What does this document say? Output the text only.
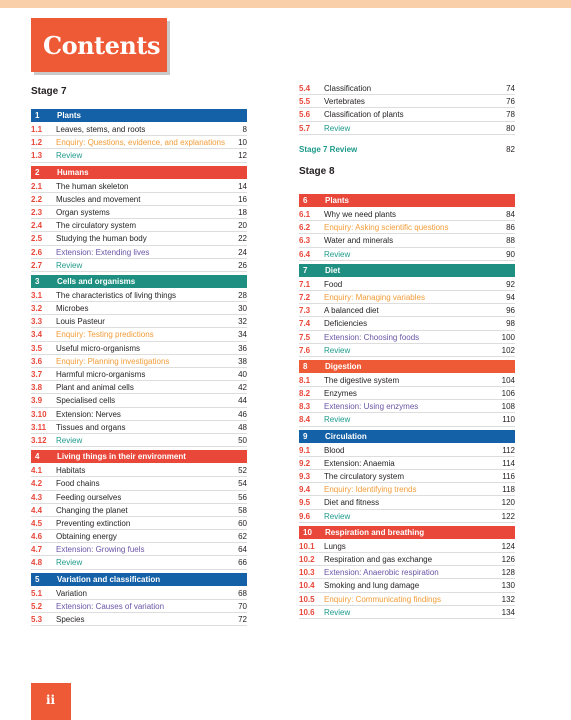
Contents
Stage 7
1 Plants
1.1 Leaves, stems, and roots	8
1.2 Enquiry: Questions, evidence, and explanations 10
1.3 Review	12
2 Humans
2.1 The human skeleton	14
2.2 Muscles and movement	16
2.3 Organ systems	18
2.4 The circulatory system	20
2.5 Studying the human body	22
2.6 Extension: Extending lives	24
2.7 Review	26
3 Cells and organisms
3.1 The characteristics of living things	28
3.2 Microbes	30
3.3 Louis Pasteur	32
3.4 Enquiry: Testing predictions	34
3.5 Useful micro-organisms	36
3.6 Enquiry: Planning investigations	38
3.7 Harmful micro-organisms	40
3.8 Plant and animal cells	42
3.9 Specialised cells	44
3.10 Extension: Nerves	46
3.11 Tissues and organs	48
3.12 Review	50
4 Living things in their environment
4.1 Habitats	52
4.2 Food chains	54
4.3 Feeding ourselves	56
4.4 Changing the planet	58
4.5 Preventing extinction	60
4.6 Obtaining energy	62
4.7 Extension: Growing fuels	64
4.8 Review	66
5 Variation and classification
5.1 Variation	68
5.2 Extension: Causes of variation	70
5.3 Species	72
5.4 Classification	74
5.5 Vertebrates	76
5.6 Classification of plants	78
5.7 Review	80
Stage 7 Review	82
Stage 8
6 Plants
6.1 Why we need plants	84
6.2 Enquiry: Asking scientific questions	86
6.3 Water and minerals	88
6.4 Review	90
7 Diet
7.1 Food	92
7.2 Enquiry: Managing variables	94
7.3 A balanced diet	96
7.4 Deficiencies	98
7.5 Extension: Choosing foods	100
7.6 Review	102
8 Digestion
8.1 The digestive system	104
8.2 Enzymes	106
8.3 Extension: Using enzymes	108
8.4 Review	110
9 Circulation
9.1 Blood	112
9.2 Extension: Anaemia	114
9.3 The circulatory system	116
9.4 Enquiry: Identifying trends	118
9.5 Diet and fitness	120
9.6 Review	122
10 Respiration and breathing
10.1 Lungs	124
10.2 Respiration and gas exchange	126
10.3 Extension: Anaerobic respiration	128
10.4 Smoking and lung damage	130
10.5 Enquiry: Communicating findings	132
10.6 Review	134
ii
